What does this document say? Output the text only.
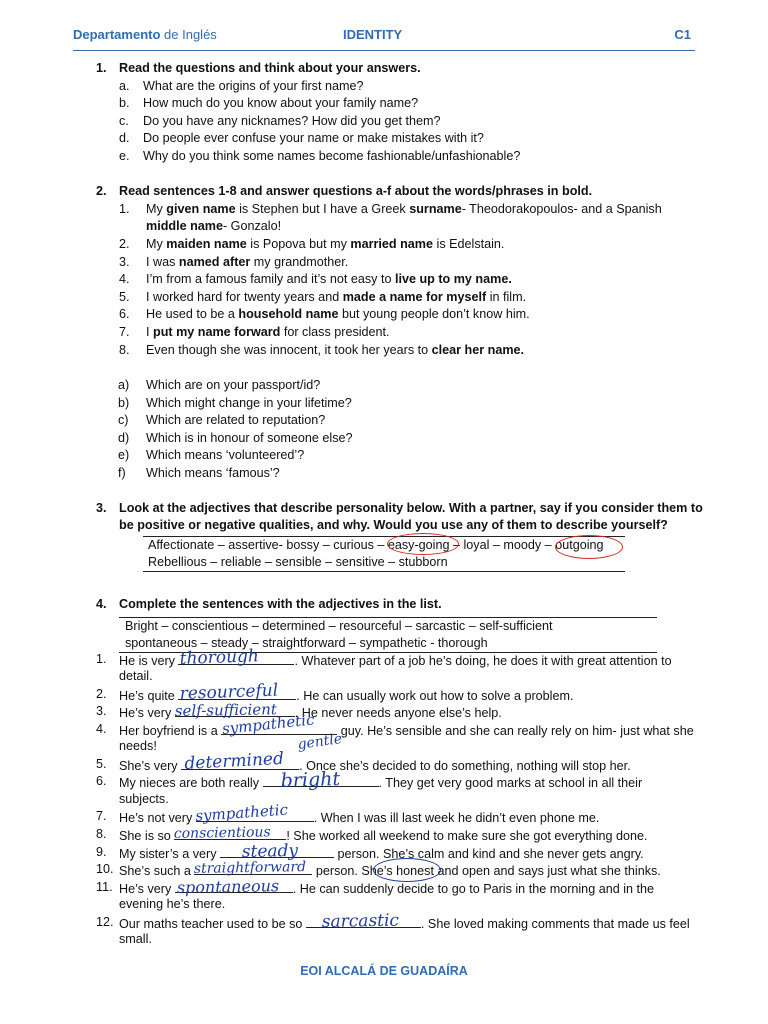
Departamento de Inglés	IDENTITY	C1
1. Read the questions and think about your answers.
a. What are the origins of your first name?
b. How much do you know about your family name?
c. Do you have any nicknames? How did you get them?
d. Do people ever confuse your name or make mistakes with it?
e. Why do you think some names become fashionable/unfashionable?
2. Read sentences 1-8 and answer questions a-f about the words/phrases in bold.
1. My given name is Stephen but I have a Greek surname- Theodorakopoulos- and a Spanish
middle name- Gonzalo!
2. My maiden name is Popova but my married name is Edelstain.
3. I was named after my grandmother.
4. I’m from a famous family and it’s not easy to live up to my name.
5. I worked hard for twenty years and made a name for myself in film.
6. He used to be a household name but young people don’t know him.
7. I put my name forward for class president.
8. Even though she was innocent, it took her years to clear her name.
a) Which are on your passport/id?
b) Which might change in your lifetime?
c) Which are related to reputation?
d) Which is in honour of someone else?
e) Which means ‘volunteered’?
f) Which means ‘famous’?
3. Look at the adjectives that describe personality below. With a partner, say if you consider them to
be positive or negative qualities, and why. Would you use any of them to describe yourself?
Affectionate – assertive- bossy – curious – easy-going – loyal – moody – outgoing
Rebellious – reliable – sensible – sensitive – stubborn
4. Complete the sentences with the adjectives in the list.
Bright – conscientious – determined – resourceful – sarcastic – self-sufficient
spontaneous – steady – straightforward – sympathetic - thorough
1. He is very thorough	. Whatever part of a job he’s doing, he does it with great attention to
detail.
2. He’s quite resourceful . He can usually work out how to solve a problem.
3. He’s very self-sufficient . He never needs anyone else’s help.
4. Her boyfriend is a sympathetic
gentle
guy. He’s sensible and she can really rely on him- just what she
needs!
5. She’s very determined . Once she’s decided to do something, nothing will stop her.
6. My nieces are both really bright	. They get very good marks at school in all their
subjects.
7. He’s not very
sympathetic . When I was ill last week he didn’t even phone me.
8. She is so conscientious ! She worked all weekend to make sure she got everything done.
9. My sister’s a very steady	person. She’s calm and kind and she never gets angry.
10. She’s such a straightforward person. She’s honest and open and says just what she thinks.
11. He’s very spontaneous . He can suddenly decide to go to Paris in the morning and in the
evening he’s there.
12. Our maths teacher used to be so sarcastic . She loved making comments that made us feel
small.
EOI ALCALÁ DE GUADAÍRA
